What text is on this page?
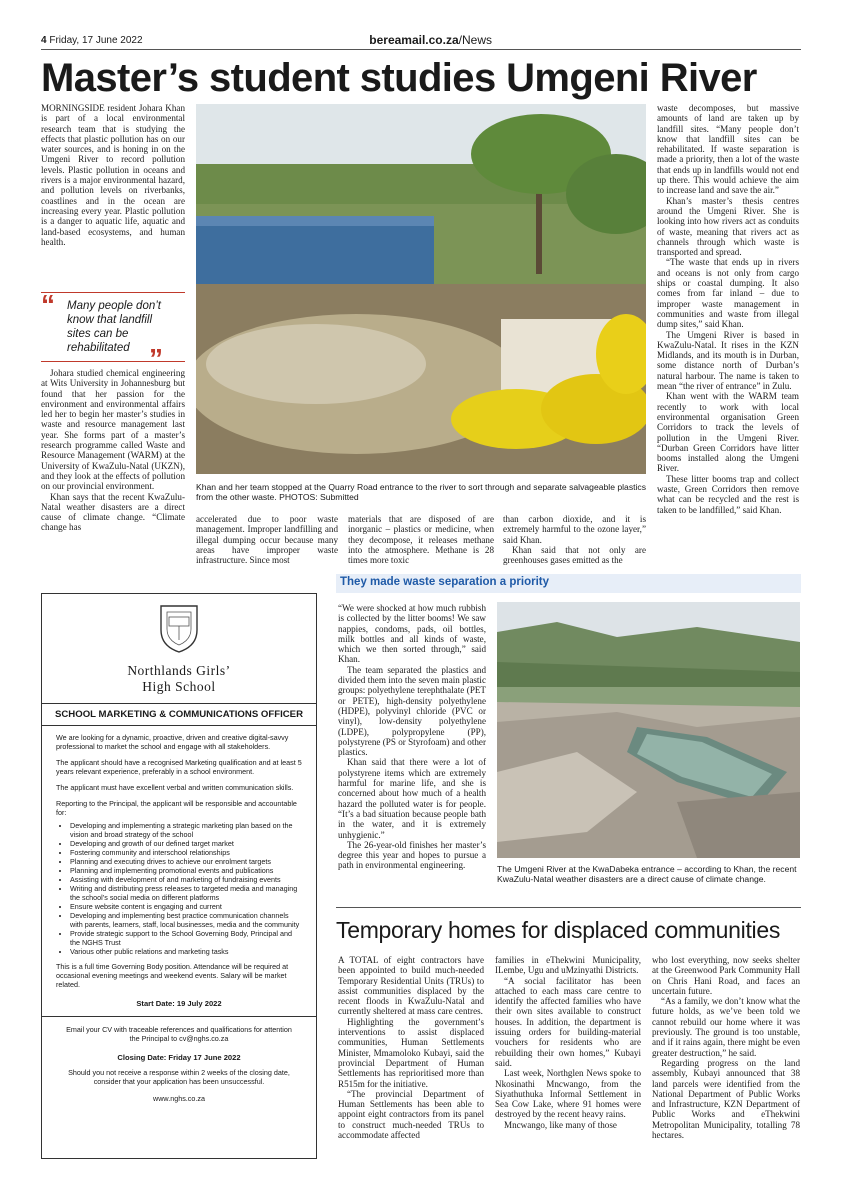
4 Friday, 17 June 2022	bereamail.co.za/News
Master’s student studies Umgeni River

MORNINGSIDE resident Johara Khan is part of a local environmental research team that is studying the effects that plastic pollution has on our water sources, and is honing in on the Umgeni River to record pollution levels. Plastic pollution in oceans and rivers is a major environmental hazard, and pollution levels on riverbanks, coastlines and in the ocean are increasing every year. Plastic pollution is a danger to aquatic life, aquatic and land-based ecosystems, and human health.

“	Many people don’t know that landfill sites can be rehabilitated ”

Johara studied chemical engineering at Wits University in Johannesburg but found that her passion for the environment and environmental affairs led her to begin her master’s studies in waste and resource management last year. She forms part of a master’s research programme called Waste and Resource Management (WARM) at the University of KwaZulu-Natal (UKZN), and they look at the effects of pollution on our provincial environment.

Khan says that the recent KwaZulu-Natal weather disasters are a direct cause of climate change. “Climate change has

Khan and her team stopped at the Quarry Road entrance to the river to sort through and separate salvageable plastics from the other waste. PHOTOS: Submitted

accelerated due to poor waste management. Improper landfilling and illegal dumping occur because many areas have improper waste infrastructure. Since most

materials that are disposed of are inorganic – plastics or medicine, when they decompose, it releases methane into the atmosphere. Methane is 28 times more toxic

than carbon dioxide, and it is extremely harmful to the ozone layer,” said Khan.

Khan said that not only are greenhouses gases emitted as the

waste decomposes, but massive amounts of land are taken up by landfill sites. “Many people don’t know that landfill sites can be rehabilitated. If waste separation is made a priority, then a lot of the waste that ends up in landfills would not end up there. This would achieve the aim to increase land and save the air.”

Khan’s master’s thesis centres around the Umgeni River. She is looking into how rivers act as conduits of waste, meaning that rivers act as channels through which waste is transported and spread.

“The waste that ends up in rivers and oceans is not only from cargo ships or coastal dumping. It also comes from far inland – due to improper waste management in communities and waste from illegal dump sites,” said Khan.

The Umgeni River is based in KwaZulu-Natal. It rises in the KZN Midlands, and its mouth is in Durban, some distance north of Durban’s natural harbour. The name is taken to mean “the river of entrance” in Zulu.

Khan went with the WARM team recently to work with local environmental organisation Green Corridors to track the levels of pollution in the Umgeni River. “Durban Green Corridors have litter booms installed along the Umgeni River.

These litter booms trap and collect waste, Green Corridors then remove what can be recycled and the rest is taken to be landfilled,” said Khan.

They made waste separation a priority

“We were shocked at how much rubbish is collected by the litter booms! We saw nappies, condoms, pads, oil bottles, milk bottles and all kinds of waste, which we then sorted through,” said Khan.

The team separated the plastics and divided them into the seven main plastic groups: polyethylene terephthalate (PET or PETE), high-density polyethylene (HDPE), polyvinyl chloride (PVC or vinyl), low-density polyethylene (LDPE), polypropylene (PP), polystyrene (PS or Styrofoam) and other plastics.

Khan said that there were a lot of polystyrene items which are extremely harmful for marine life, and she is concerned about how much of a health hazard the polluted water is for people. “It’s a bad situation because people bath in the water, and it is extremely unhygienic.”

The 26-year-old finishes her master’s degree this year and hopes to pursue a path in environmental engineering.	The Umgeni River at the KwaDabeka entrance – according to Khan, the recent KwaZulu-Natal weather disasters are a direct cause of climate change.
Temporary homes for displaced communities

A TOTAL of eight contractors have been appointed to build much-needed Temporary Residential Units (TRUs) to assist communities displaced by the recent floods in KwaZulu-Natal and currently sheltered at mass care centres.

Highlighting the government’s interventions to assist displaced communities, Human Settlements Minister, Mmamoloko Kubayi, said the provincial Department of Human Settlements has reprioritised more than R515m for the initiative.

“The provincial Department of Human Settlements has been able to appoint eight contractors from its panel to construct much-needed TRUs to accommodate affected

families in eThekwini Municipality, ILembe, Ugu and uMzinyathi Districts.

“A social facilitator has been attached to each mass care centre to identify the affected families who have their own sites available to construct houses. In addition, the department is issuing orders for building-material vouchers for residents who are rebuilding their own homes,” Kubayi said.

Last week, Northglen News spoke to Nkosinathi Mncwango, from the Siyathuthuka Informal Settlement in Sea Cow Lake, where 91 homes were destroyed by the recent heavy rains.

Mncwango, like many of those

who lost everything, now seeks shelter at the Greenwood Park Community Hall on Chris Hani Road, and faces an uncertain future.

“As a family, we don’t know what the future holds, as we’ve been told we cannot rebuild our home where it was previously. The ground is too unstable, and if it rains again, there might be even greater destruction,” he said.

Regarding progress on the land assembly, Kubayi announced that 38 land parcels were identified from the National Department of Public Works and Infrastructure, KZN Department of Public Works and eThekwini Metropolitan Municipality, totalling 78 hectares.

Northlands Girls’
High School
SCHOOL MARKETING & COMMUNICATIONS OFFICER
We are looking for a dynamic, proactive, driven and creative digital-savvy professional to market the school and engage with all stakeholders.
The applicant should have a recognised Marketing qualification and at least 5 years relevant experience, preferably in a school environment.
The applicant must have excellent verbal and written communication skills.
Reporting to the Principal, the applicant will be responsible and accountable for:
• Developing and implementing a strategic marketing plan based on the vision and broad strategy of the school
• Developing and growth of our defined target market
• Fostering community and interschool relationships
• Planning and executing drives to achieve our enrolment targets
• Planning and implementing promotional events and publications
• Assisting with development of and marketing of fundraising events
• Writing and distributing press releases to targeted media and managing the school’s social media on different platforms
• Ensure website content is engaging and current
• Developing and implementing best practice communication channels with parents, learners, staff, local businesses, media and the community
• Provide strategic support to the School Governing Body, Principal and the NGHS Trust
• Various other public relations and marketing tasks
This is a full time Governing Body position. Attendance will be required at occasional evening meetings and weekend events. Salary will be market related.
Start Date: 19 July 2022
Email your CV with traceable references and qualifications for attention the Principal to cv@nghs.co.za
Closing Date: Friday 17 June 2022
Should you not receive a response within 2 weeks of the closing date, consider that your application has been unsuccessful.
www.nghs.co.za
